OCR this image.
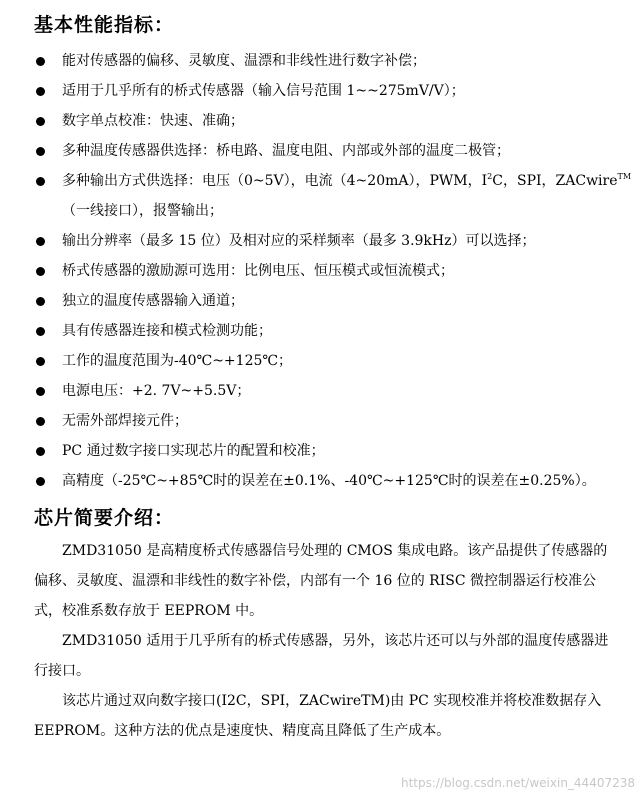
基本性能指标：
能对传感器的偏移、灵敏度、温漂和非线性进行数字补偿；
适用于几乎所有的桥式传感器（输入信号范围 1~~275mV/V）；
数字单点校准：快速、准确；
多种温度传感器供选择：桥电路、温度电阻、内部或外部的温度二极管；
多种输出方式供选择：电压（0~5V），电流（4~20mA），PWM，$I^2C$，SPI，ZACwire™
（一线接口），报警输出；
输出分辨率（最多 15 位）及相对应的采样频率（最多 3.9kHz）可以选择；
桥式传感器的激励源可选用：比例电压、恒压模式或恒流模式；
独立的温度传感器输入通道；
具有传感器连接和模式检测功能；
工作的温度范围为-40℃~+125℃；
电源电压：+2. 7V~+5.5V；
无需外部焊接元件；
PC 通过数字接口实现芯片的配置和校准；
高精度（-25℃~+85℃时的误差在±0.1%、-40℃~+125℃时的误差在±0.25%）。
芯片简要介绍：

ZMD31050 是高精度桥式传感器信号处理的 CMOS 集成电路。该产品提供了传感器的偏移、灵敏度、温漂和非线性的数字补偿，内部有一个 16 位的 RISC 微控制器运行校准公式，校准系数存放于 EEPROM 中。

ZMD31050 适用于几乎所有的桥式传感器，另外，该芯片还可以与外部的温度传感器进行接口。

该芯片通过双向数字接口(I2C，SPI，ZACwireTM)由 PC 实现校准并将校准数据存入 EEPROM。这种方法的优点是速度快、精度高且降低了生产成本。

https://blog.csdn.net/weixin_44407238
